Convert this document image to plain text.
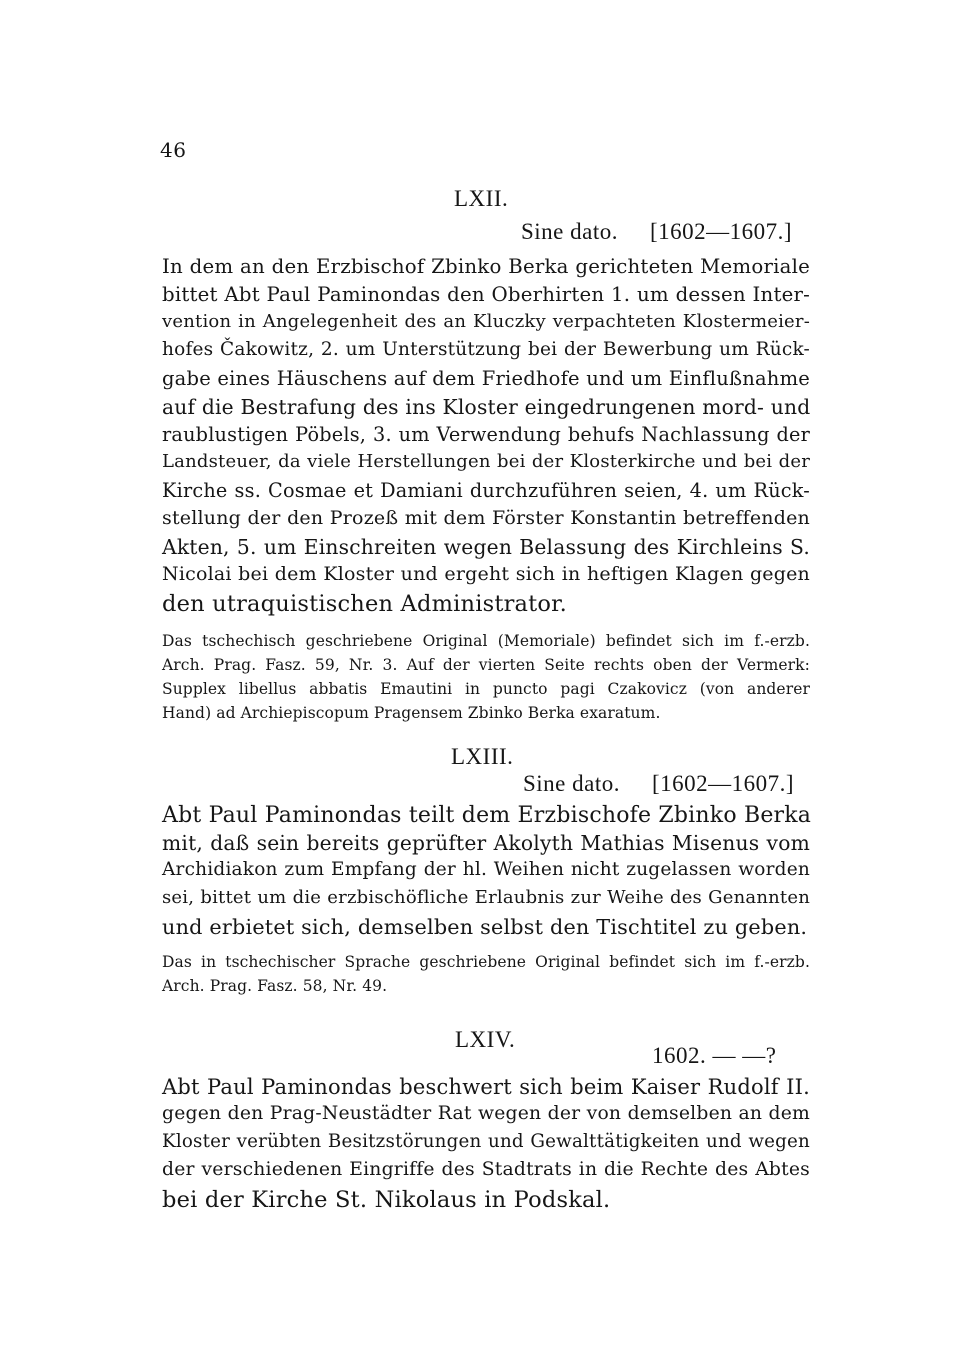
46
LXII.
Sine dato. [1602—1607.]
In dem an den Erzbischof Zbinko Berka gerichteten Memoriale
bittet Abt Paul Paminondas den Oberhirten 1. um dessen Inter-
vention in Angelegenheit des an Kluczky verpachteten Klostermeier-
hofes Čakowitz, 2. um Unterstützung bei der Bewerbung um Rück-
gabe eines Häuschens auf dem Friedhofe und um Einflußnahme
auf die Bestrafung des ins Kloster eingedrungenen mord- und
raublustigen Pöbels, 3. um Verwendung behufs Nachlassung der
Landsteuer, da viele Herstellungen bei der Klosterkirche und bei der
Kirche ss. Cosmae et Damiani durchzuführen seien, 4. um Rück-
stellung der den Prozeß mit dem Förster Konstantin betreffenden
Akten, 5. um Einschreiten wegen Belassung des Kirchleins S.
Nicolai bei dem Kloster und ergeht sich in heftigen Klagen gegen
den utraquistischen Administrator.
Das tschechisch geschriebene Original (Memoriale) befindet sich im f.-erzb.
Arch. Prag. Fasz. 59, Nr. 3. Auf der vierten Seite rechts oben der Vermerk:
Supplex libellus abbatis Emautini in puncto pagi Czakovicz (von anderer
Hand) ad Archiepiscopum Pragensem Zbinko Berka exaratum.
LXIII.
Sine dato. [1602—1607.]
Abt Paul Paminondas teilt dem Erzbischofe Zbinko Berka
mit, daß sein bereits geprüfter Akolyth Mathias Misenus vom
Archidiakon zum Empfang der hl. Weihen nicht zugelassen worden
sei, bittet um die erzbischöfliche Erlaubnis zur Weihe des Genannten
und erbietet sich, demselben selbst den Tischtitel zu geben.
Das in tschechischer Sprache geschriebene Original befindet sich im f.-erzb.
Arch. Prag. Fasz. 58, Nr. 49.
LXIV.
1602. — —?
Abt Paul Paminondas beschwert sich beim Kaiser Rudolf II.
gegen den Prag-Neustädter Rat wegen der von demselben an dem
Kloster verübten Besitzstörungen und Gewalttätigkeiten und wegen
der verschiedenen Eingriffe des Stadtrats in die Rechte des Abtes
bei der Kirche St. Nikolaus in Podskal.
